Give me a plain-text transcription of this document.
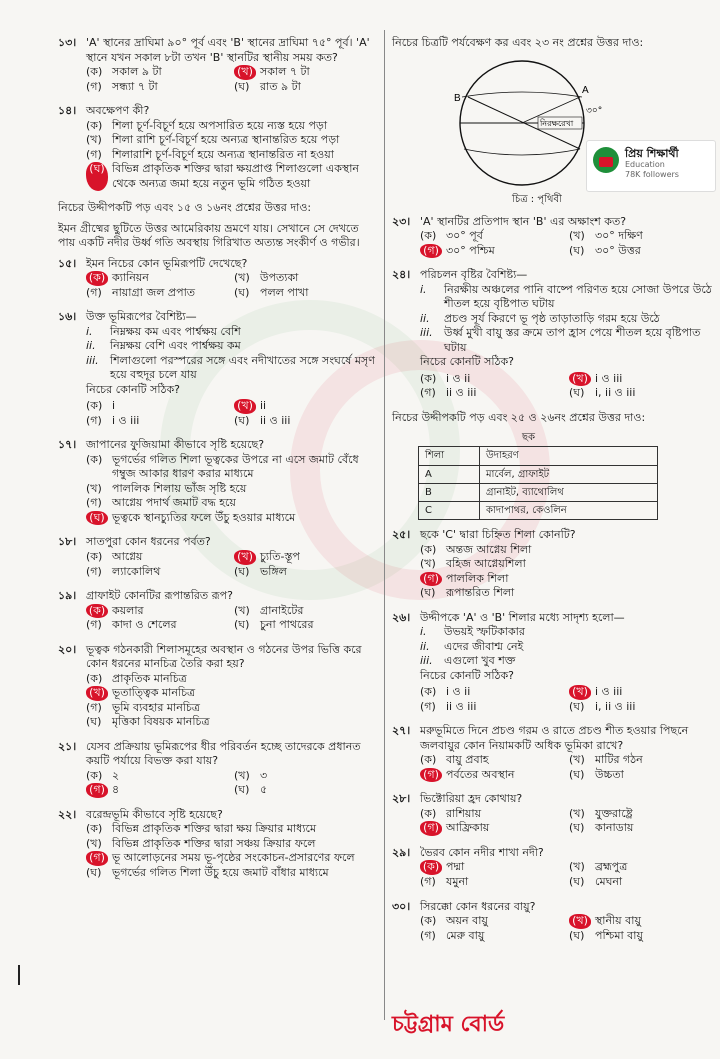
১৩। 'A' স্থানের দ্রাঘিমা ৯০° পূর্ব এবং 'B' স্থানের দ্রাঘিমা ৭৫° পূর্ব। 'A' স্থানে যখন সকাল ৮টা তখন 'B' স্থানটির স্থানীয় সময় কত?
(ক) সকাল ৯ টা	(খ) সকাল ৭ টা
(গ) সন্ধ্যা ৭ টা	(ঘ) রাত ৯ টা
১৪। অবক্ষেপণ কী?
(ক) শিলা চূর্ণ-বিচূর্ণ হয়ে অপসারিত হয়ে ন্যস্ত হয়ে পড়া
(খ) শিলা রাশি চূর্ণ-বিচূর্ণ হয়ে অন্যত্র স্থানান্তরিত হয়ে পড়া
(গ) শিলারাশি চূর্ণ-বিচূর্ণ হয়ে অন্যত্র স্থানান্তরিত না হওয়া
(ঘ) বিভিন্ন প্রাকৃতিক শক্তির দ্বারা ক্ষয়প্রাপ্ত শিলাগুলো একস্থান থেকে অন্যত্র জমা হয়ে নতুন ভূমি গঠিত হওয়া
নিচের উদ্দীপকটি পড় এবং ১৫ ও ১৬নং প্রশ্নের উত্তর দাও:
ইমন গ্রীষ্মের ছুটিতে উত্তর আমেরিকায় ভ্রমণে যায়। সেখানে সে দেখতে পায় একটি নদীর উর্ধ্ব গতি অবস্থায় গিরিখাত অত্যন্ত সংকীর্ণ ও গভীর।
১৫। ইমন নিচের কোন ভূমিরূপটি দেখেছে?
(ক) ক্যানিয়ন	(খ) উপত্যকা
(গ) নায়াগ্রা জল প্রপাত	(ঘ) পলল পাখা
১৬। উক্ত ভূমিরূপের বৈশিষ্ট্য—
i.	নিম্নক্ষয় কম এবং পার্শ্বক্ষয় বেশি
ii.	নিম্নক্ষয় বেশি এবং পার্শ্বক্ষয় কম
iii.	শিলাগুলো পরস্পরের সঙ্গে এবং নদীখাতের সঙ্গে সংঘর্ষে মসৃণ হয়ে বহুদূর চলে যায়
নিচের কোনটি সঠিক?
(ক) i	(খ) ii
(গ) i ও iii	(ঘ) ii ও iii
১৭। জাপানের ফুজিয়ামা কীভাবে সৃষ্টি হয়েছে?
(ক) ভূগর্ভের গলিত শিলা ভূত্বকের উপরে না এসে জমাট বেঁধে গম্বুজ আকার ধারণ করার মাধ্যমে
(খ) পাললিক শিলায় ভাঁজ সৃষ্টি হয়ে
(গ) আগ্নেয় পদার্থ জমাট বদ্ধ হয়ে
(ঘ) ভূত্বকে স্থানচ্যুতির ফলে উঁচু হওয়ার মাধ্যমে
১৮। সাতপুরা কোন ধরনের পর্বত?
(ক) আগ্নেয়	(খ) চ্যুতি-স্তূপ
(গ) ল্যাকোলিথ	(ঘ) ভঙ্গিল
১৯। গ্রাফাইট কোনটির রূপান্তরিত রূপ?
(ক) কয়লার	(খ) গ্রানাইটের
(গ) কাদা ও শেলের	(ঘ) চুনা পাথরের
২০। ভূত্বক গঠনকারী শিলাসমূহের অবস্থান ও গঠনের উপর ভিত্তি করে কোন ধরনের মানচিত্র তৈরি করা হয়?
(ক) প্রাকৃতিক মানচিত্র
(খ) ভূতাত্ত্বিক মানচিত্র
(গ) ভূমি ব্যবহার মানচিত্র
(ঘ) মৃত্তিকা বিষয়ক মানচিত্র
২১। যেসব প্রক্রিয়ায় ভূমিরূপের ধীর পরিবর্তন হচ্ছে তাদেরকে প্রধানত কয়টি পর্যায়ে বিভক্ত করা যায়?
(ক) ২	(খ) ৩
(গ) ৪	(ঘ) ৫
২২। বরেন্দ্রভূমি কীভাবে সৃষ্টি হয়েছে?
(ক) বিভিন্ন প্রাকৃতিক শক্তির দ্বারা ক্ষয় ক্রিয়ার মাধ্যমে
(খ) বিভিন্ন প্রাকৃতিক শক্তির দ্বারা সঞ্চয় ক্রিয়ার ফলে
(গ) ভূ আলোড়নের সময় ভূ-পৃষ্ঠের সংকোচন-প্রসারণের ফলে
(ঘ) ভূগর্ভের গলিত শিলা উঁচু হয়ে জমাট বাঁধার মাধ্যমে
নিচের চিত্রটি পর্যবেক্ষণ কর এবং ২৩ নং প্রশ্নের উত্তর দাও:
A
B
৩০°
নিরক্ষরেখা
চিত্র : পৃথিবী
২৩। 'A' স্থানটির প্রতিপাদ স্থান 'B' এর অক্ষাংশ কত?
(ক) ৩০° পূর্ব	(খ) ৩০° দক্ষিণ
(গ) ৩০° পশ্চিম	(ঘ) ৩০° উত্তর
২৪। পরিচলন বৃষ্টির বৈশিষ্ট্য—
i.	নিরক্ষীয় অঞ্চলের পানি বাষ্পে পরিণত হয়ে সোজা উপরে উঠে শীতল হয়ে বৃষ্টিপাত ঘটায়
ii.	প্রচণ্ড সূর্য কিরণে ভূ পৃষ্ঠ তাড়াতাড়ি গরম হয়ে উঠে
iii.	উর্ধ্ব মুখী বায়ু স্তর ক্রমে তাপ হ্রাস পেয়ে শীতল হয়ে বৃষ্টিপাত ঘটায়
নিচের কোনটি সঠিক?
(ক) i ও ii	(খ) i ও iii
(গ) ii ও iii	(ঘ) i, ii ও iii
নিচের উদ্দীপকটি পড় এবং ২৫ ও ২৬নং প্রশ্নের উত্তর দাও:
ছক
শিলা	উদাহরণ
A	মার্বেল, গ্রাফাইট
B	গ্রানাইট, ব্যাথোলিথ
C	কাদাপাথর, কেওলিন
২৫। ছকে 'C' দ্বারা চিহ্নিত শিলা কোনটি?
(ক) অন্তজ আগ্নেয় শিলা
(খ) বহিজ আগ্নেয়শিলা
(গ) পাললিক শিলা
(ঘ) রূপান্তরিত শিলা
২৬। উদ্দীপকে 'A' ও 'B' শিলার মধ্যে সাদৃশ্য হলো—
i.	উভয়ই স্ফটিকাকার
ii.	এদের জীবাশ্ম নেই
iii.	এগুলো খুব শক্ত
নিচের কোনটি সঠিক?
(ক) i ও ii	(খ) i ও iii
(গ) ii ও iii	(ঘ) i, ii ও iii
২৭। মরুভূমিতে দিনে প্রচণ্ড গরম ও রাতে প্রচণ্ড শীত হওয়ার পিছনে জলবায়ুর কোন নিয়ামকটি অধিক ভূমিকা রাখে?
(ক) বায়ু প্রবাহ	(খ) মাটির গঠন
(গ) পর্বতের অবস্থান	(ঘ) উচ্চতা
২৮। ভিক্টোরিয়া হ্রদ কোথায়?
(ক) রাশিয়ায়	(খ) যুক্তরাষ্ট্রে
(গ) আফ্রিকায়	(ঘ) কানাডায়
২৯। ভৈরব কোন নদীর শাখা নদী?
(ক) পদ্মা	(খ) ব্রহ্মপুত্র
(গ) যমুনা	(ঘ) মেঘনা
৩০। সিরক্কো কোন ধরনের বায়ু?
(ক) অয়ন বায়ু	(খ) স্থানীয় বায়ু
(গ) মেরু বায়ু	(ঘ) পশ্চিমা বায়ু
প্রিয় শিক্ষার্থী
Education
78K followers
চট্টগ্রাম বোর্ড
